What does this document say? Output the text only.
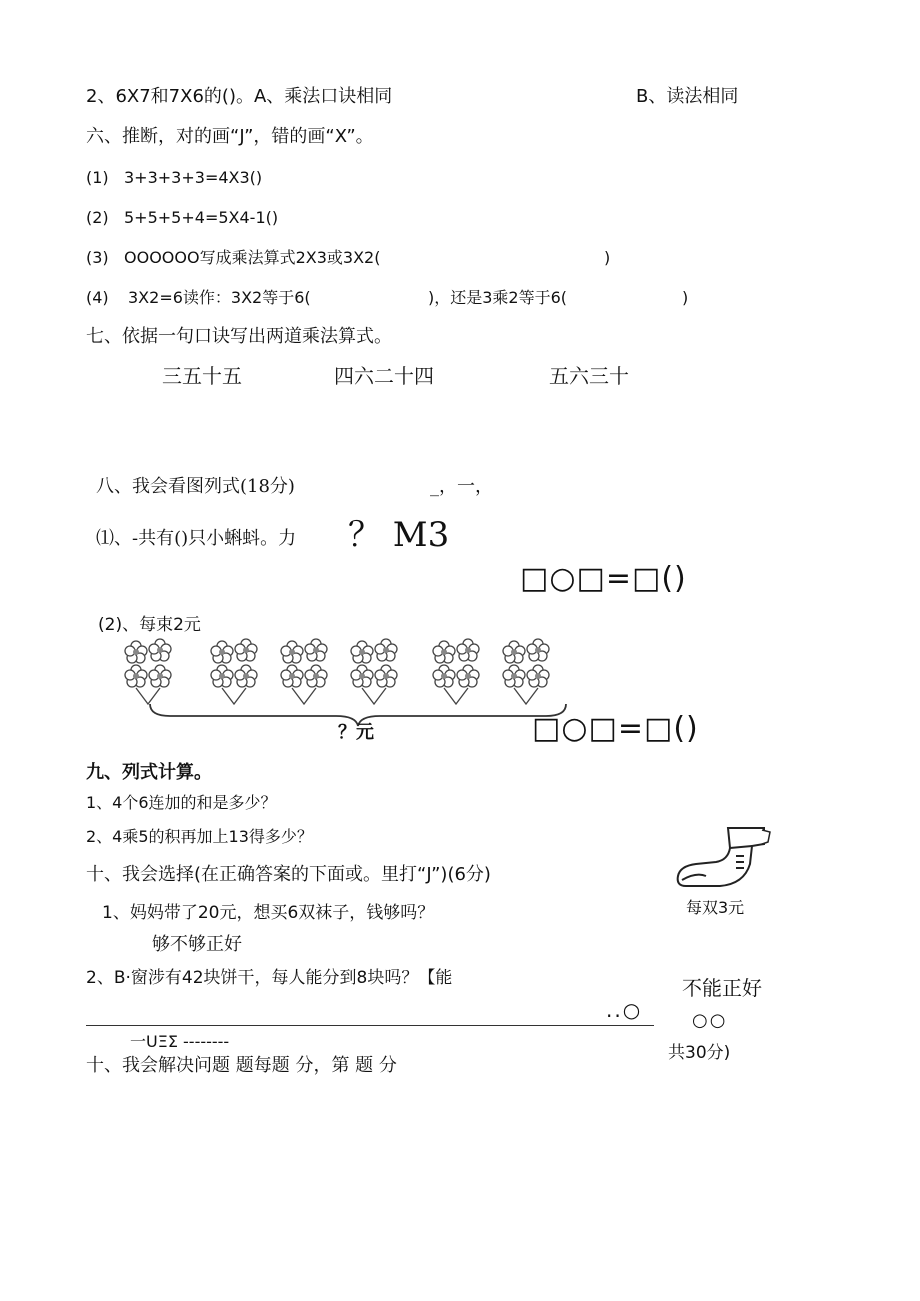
2、6X7和7X6的()。A、乘法口诀相同	B、读法相同
六、推断，对的画“J”，错的画“X”。
(1) 3+3+3+3=4X3()
(2) 5+5+5+4=5X4-1()
(3) OOOOOO写成乘法算式2X3或3X2(	)
(4) 3X2=6读作：3X2等于6(	)，还是3乘2等于6(	)
七、依据一句口诀写出两道乘法算式。
三五十五	四六二十四	五六三十
八、我会看图列式(18分)	_，一，
⑴、-共有()只小蝌蚪。力 ？ M3
□○□=□()
(2)、每束2元
？元	□○□=□()
九、列式计算。
1、4个6连加的和是多少？
2、4乘5的积再加上13得多少？
十、我会选择(在正确答案的下面或。里打“J”)(6分)
每双3元
1、妈妈带了20元，想买6双袜子，钱够吗？
够不够正好
2、B·窗涉有42块饼干，每人能分到8块吗？【能	不能正好
..○	○○
一UΞΣ --------
十、我会解决问题 题每题 分，第 题 分
共30分)
